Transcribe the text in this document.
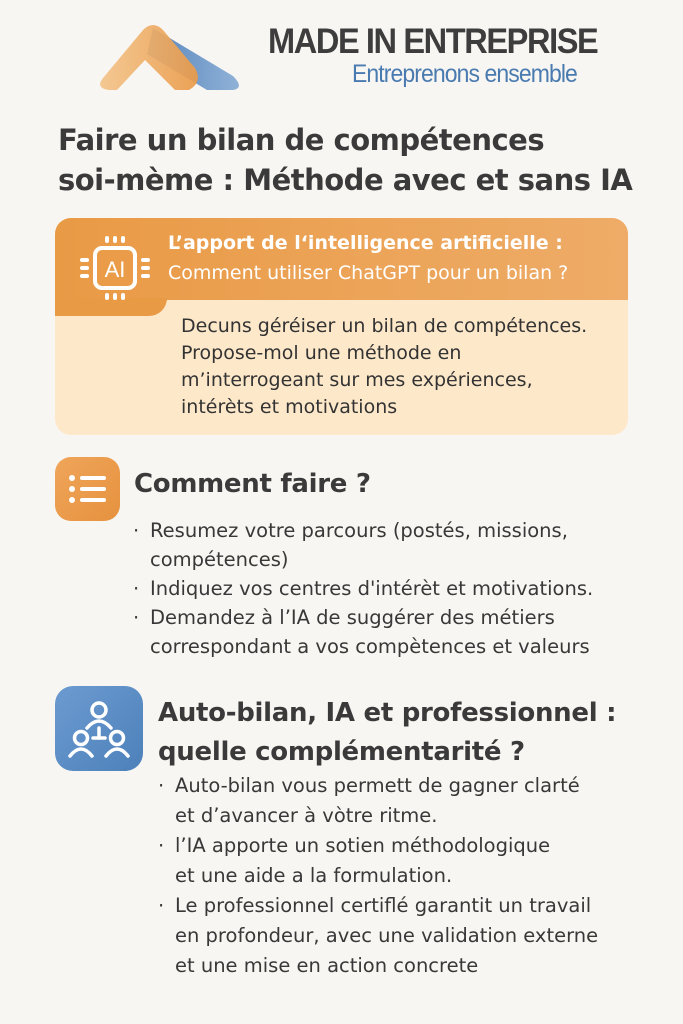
MADE IN ENTREPRISE
Entreprenons ensemble
Faire un bilan de compétences
soi-mème : Méthode avec et sans IA
AI
L’apport de l‘intelligence artificielle :
Comment utiliser ChatGPT pour un bilan ?
Decuns géréiser un bilan de compétences.
Propose-mol une méthode en
m’interrogeant sur mes expériences,
intérèts et motivations
Comment faire ?
· Resumez votre parcours (postés, missions,
compétences)
· Indiquez vos centres d'intérèt et motivations.
· Demandez à l’IA de suggérer des métiers
correspondant a vos compètences et valeurs
Auto-bilan, IA et professionnel :
quelle complémentarité ?
· Auto-bilan vous permett de gagner clarté
et d’avancer à vòtre ritme.
· l’IA apporte un sotien méthodologique
et une aide a la formulation.
· Le professionnel certiflé garantit un travail
en profondeur, avec une validation externe
et une mise en action concrete
